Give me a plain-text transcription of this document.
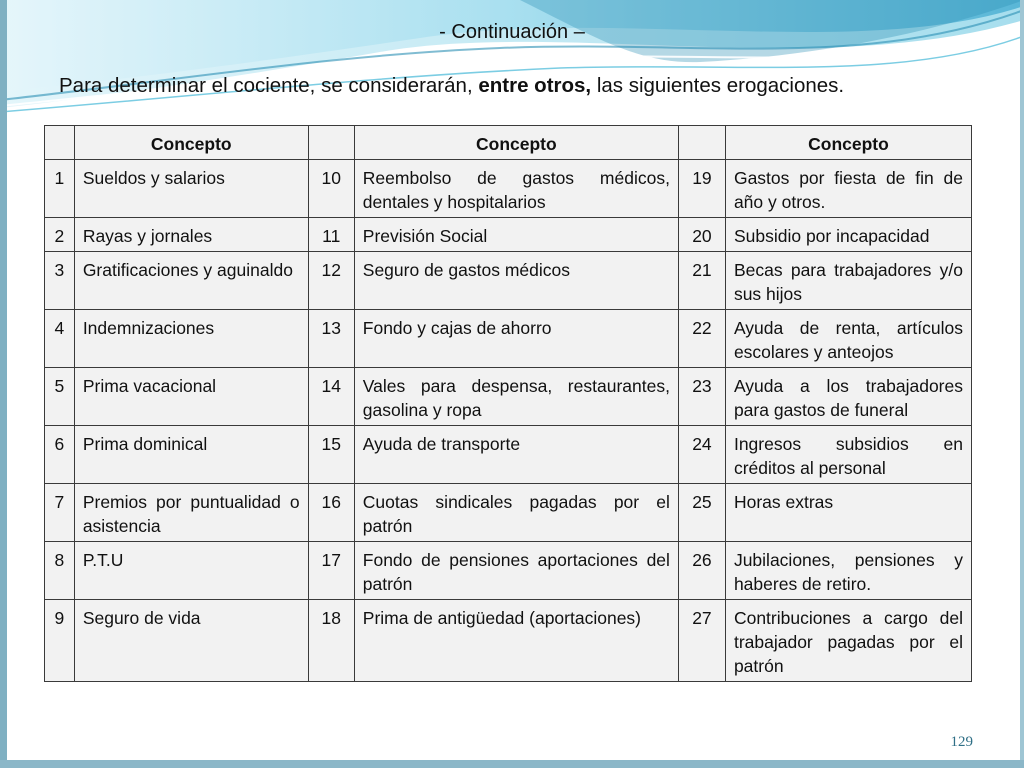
- Continuación –
Para determinar el cociente, se considerarán, entre otros, las siguientes erogaciones.
	Concepto		Concepto		Concepto
1	Sueldos y salarios	10	Reembolso de gastos médicos, dentales y hospitalarios	19	Gastos por fiesta de fin de año y otros.
2	Rayas y jornales	11	Previsión Social	20	Subsidio por incapacidad
3	Gratificaciones y aguinaldo	12	Seguro de gastos médicos	21	Becas para trabajadores y/o sus hijos
4	Indemnizaciones	13	Fondo y cajas de ahorro	22	Ayuda de renta, artículos escolares y anteojos
5	Prima vacacional	14	Vales para despensa, restaurantes, gasolina y ropa	23	Ayuda a los trabajadores para gastos de funeral
6	Prima dominical	15	Ayuda de transporte	24	Ingresos subsidios en créditos al personal
7	Premios por puntualidad o asistencia	16	Cuotas sindicales pagadas por el patrón	25	Horas extras
8	P.T.U	17	Fondo de pensiones aportaciones del patrón	26	Jubilaciones, pensiones y haberes de retiro.
9	Seguro de vida	18	Prima de antigüedad (aportaciones)	27	Contribuciones a cargo del trabajador pagadas por el patrón
129
